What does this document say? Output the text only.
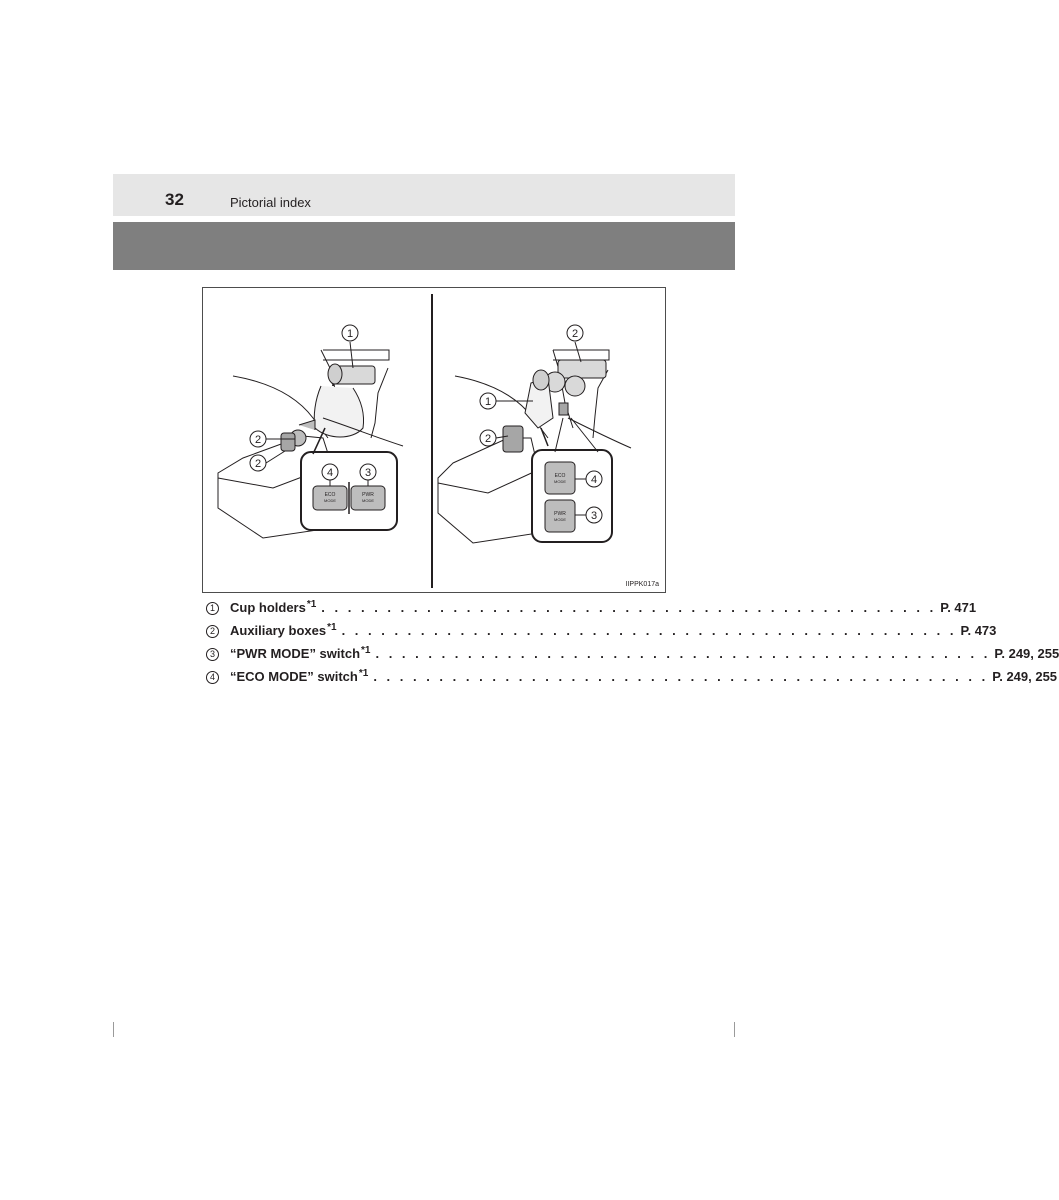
32	Pictorial index
ECO
MODE
PWR
MODE
1
2
2
4	3	ECO
MODE
PWR
MODE
2
1
2
4
3
IIPPK017a
1	Cup holders$^{*1}$ . . . . . . . . . . . . . . . . . . . . . . . . . . . . . . . . . . . . . . . . . . . . . . . P. 471
2	Auxiliary boxes$^{*1}$ . . . . . . . . . . . . . . . . . . . . . . . . . . . . . . . . . . . . . . . . . . . . . . . P. 473
3	“PWR MODE” switch$^{*1}$ . . . . . . . . . . . . . . . . . . . . . . . . . . . . . . . . . . . . . . . . . . . . . . . P. 249, 255
4	“ECO MODE” switch$^{*1}$ . . . . . . . . . . . . . . . . . . . . . . . . . . . . . . . . . . . . . . . . . . . . . . . P. 249, 255
